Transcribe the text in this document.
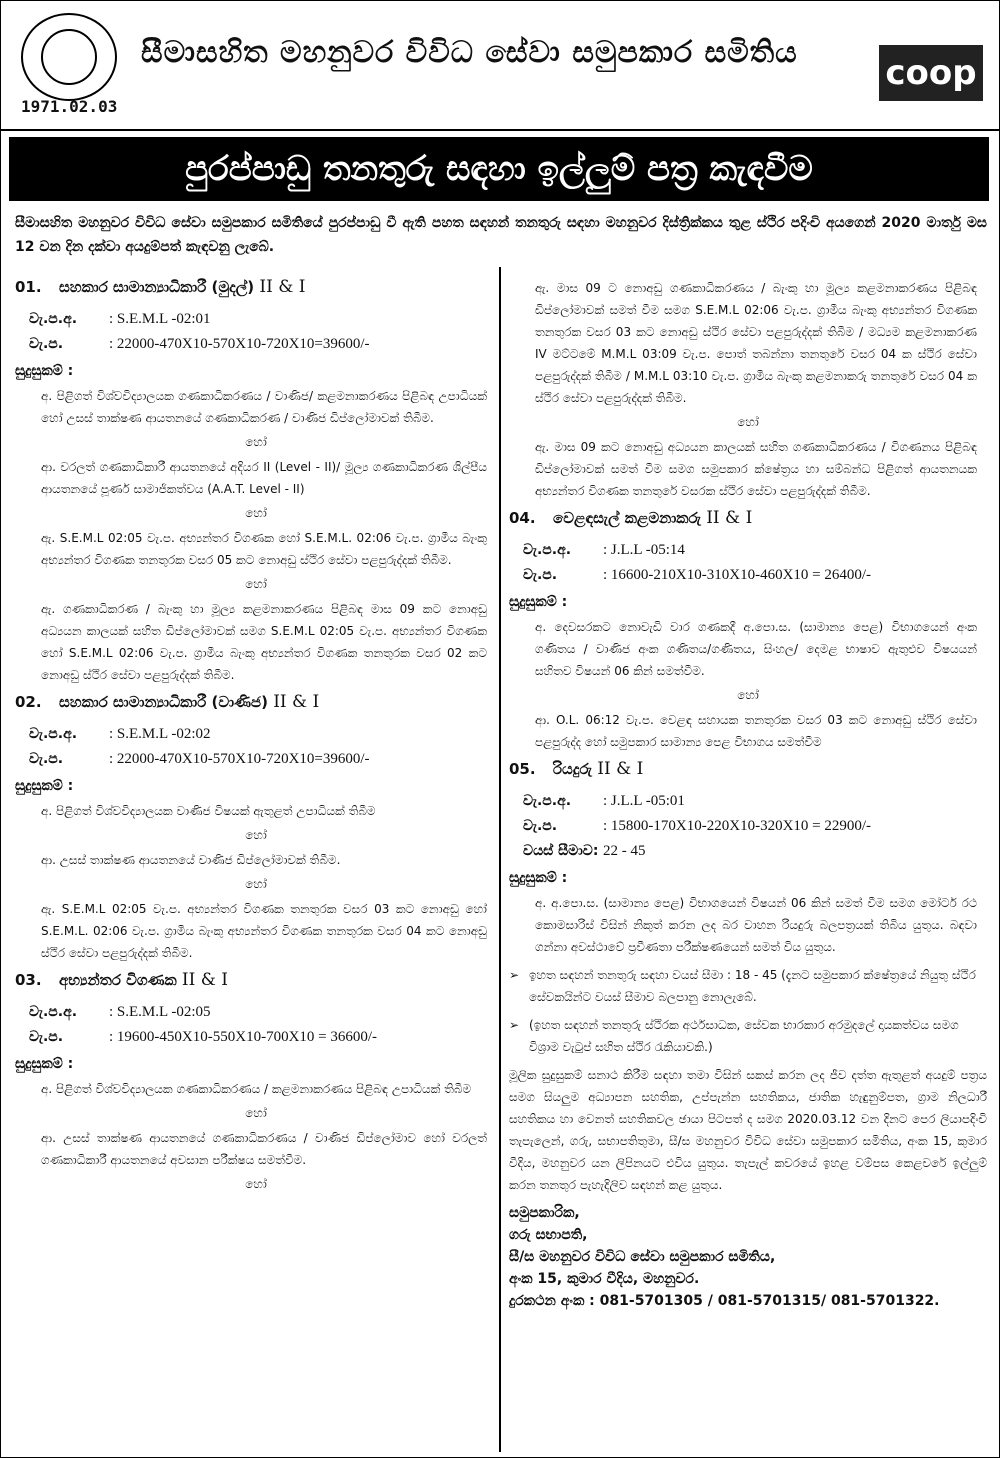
1971.02.03
සීමාසහිත මහනුවර විවිධ සේවා සමුපකාර සමිතිය
coop
පුරප්පාඩු තනතුරු සඳහා ඉල්ලුම් පත්‍ර කැඳවීම
සීමාසහිත මහනුවර විවිධ සේවා සමුපකාර සමිතියේ පුරප්පාඩු වී ඇති පහත සඳහන් තනතුරු සඳහා මහනුවර දිස්ත්‍රික්කය තුළ ස්ථිර පදිංචි අයගෙන් 2020 මාර්තු මස 12 වන දින දක්වා අයදුම්පත් කැඳවනු ලැබේ.
01. සහකාර සාමාන්‍යාධිකාරී (මුදල්) II & I
වැ.ප.අ.	: S.E.M.L -02:01
වැ.ප.	: 22000-470X10-570X10-720X10=39600/-
සුදුසුකම් :
අ. පිළිගත් විශ්වවිද්‍යාලයක ගණකාධිකරණය / වාණිජ/ කළමනාකරණය පිළිබඳ උපාධියක් හෝ උසස් තාක්ෂණ ආයතනයේ ගණකාධිකරණ / වාණිජ ඩිප්ලෝමාවක් තිබීම.
හෝ
ආ. වරලත් ගණකාධිකාරී ආයතනයේ අදියර II (Level - II)/ මූල්‍ය ගණකාධිකරණ ශිල්පීය ආයතනයේ පූර්ණ සාමාජිකත්වය (A.A.T. Level - II)
හෝ
ඇ. S.E.M.L 02:05 වැ.ප. අභ්‍යන්තර විගණක හෝ S.E.M.L. 02:06 වැ.ප. ග්‍රාමීය බැංකු අභ්‍යන්තර විගණක තනතුරක වසර 05 කට නොඅඩු ස්ථිර සේවා පළපුරුද්දක් තිබීම.
හෝ
ඇ. ගණකාධිකරණ / බැංකු හා මූල්‍ය කළමනාකරණය පිළිබඳ මාස 09 කට නොඅඩු අධ්‍යයන කාලයක් සහිත ඩිප්ලෝමාවක් සමග S.E.M.L 02:05 වැ.ප. අභ්‍යන්තර විගණක හෝ S.E.M.L 02:06 වැ.ප. ග්‍රාමීය බැංකු අභ්‍යන්තර විගණක තනතුරක වසර 02 කට නොඅඩු ස්ථිර සේවා පළපුරුද්දක් තිබීම.
02. සහකාර සාමාන්‍යාධිකාරී (වාණිජ) II & I
වැ.ප.අ.	: S.E.M.L -02:02
වැ.ප.	: 22000-470X10-570X10-720X10=39600/-
සුදුසුකම් :
අ. පිළිගත් විශ්වවිද්‍යාලයක වාණිජ විෂයක් ඇතුළත් උපාධියක් තිබීම
හෝ
ආ. උසස් තාක්ෂණ ආයතනයේ වාණිජ ඩිප්ලෝමාවක් තිබීම.
හෝ
ඇ. S.E.M.L 02:05 වැ.ප. අභ්‍යන්තර විගණක තනතුරක වසර 03 කට නොඅඩු හෝ S.E.M.L. 02:06 වැ.ප. ග්‍රාමීය බැංකු අභ්‍යන්තර විගණක තනතුරක වසර 04 කට නොඅඩු ස්ථිර සේවා පළපුරුද්දක් තිබීම.
03. අභ්‍යන්තර විගණක II & I
වැ.ප.අ.	: S.E.M.L -02:05
වැ.ප.	: 19600-450X10-550X10-700X10 = 36600/-
සුදුසුකම් :
අ. පිළිගත් විශ්වවිද්‍යාලයක ගණකාධිකරණය / කළමනාකරණය පිළිබඳ උපාධියක් තිබීම
හෝ
ආ. උසස් තාක්ෂණ ආයතනයේ ගණකාධිකරණය / වාණිජ ඩිප්ලෝමාව හෝ වරලත් ගණකාධිකාරී ආයතනයේ අවසාන පරීක්ෂය සමත්වීම.
හෝ
ඇ. මාස 09 ට නොඅඩු ගණකාධිකරණය / බැංකු හා මූල්‍ය කළමනාකරණය පිළිබඳ ඩිප්ලෝමාවක් සමත් වීම සමග S.E.M.L 02:06 වැ.ප. ග්‍රාමීය බැංකු අභ්‍යන්තර විගණක තනතුරක වසර 03 කට නොඅඩු ස්ථිර සේවා පළපුරුද්දක් තිබීම / මධ්‍යම කළමනාකරණ IV මට්ටමේ M.M.L 03:09 වැ.ප. පොත් තබන්නා තනතුරේ වසර 04 ක ස්ථිර සේවා පළපුරුද්දක් තිබීම / M.M.L 03:10 වැ.ප. ග්‍රාමීය බැංකු කළමනාකරු තනතුරේ වසර 04 ක ස්ථිර සේවා පළපුරුද්දක් තිබීම.
හෝ
ඇ. මාස 09 කට නොඅඩු අධ්‍යයන කාලයක් සහිත ගණකාධිකරණය / විගණනය පිළිබඳ ඩිප්ලෝමාවක් සමත් වීම සමග සමුපකාර ක්ෂේත්‍රය හා සම්බන්ධ පිළිගත් ආයතනයක අභ්‍යන්තර විගණක තනතුරේ වසරක ස්ථිර සේවා පළපුරුද්දක් තිබීම.
04. වෙළඳසැල් කළමනාකරු II & I
වැ.ප.අ.	: J.L.L -05:14
වැ.ප.	: 16600-210X10-310X10-460X10 = 26400/-
සුදුසුකම් :
අ. දෙවසරකට නොවැඩි වාර ගණකදී අ.පො.ස. (සාමාන්‍ය පෙළ) විභාගයෙන් අංක ගණිතය / වාණිජ අංක ගණිතය/ගණිතය, සිංහල/ දෙමළ භාෂාව ඇතුළුව විෂයයන් සහිතව විෂයන් 06 කින් සමත්වීම.
හෝ
ආ. O.L. 06:12 වැ.ප. වෙළඳ සහායක තනතුරක වසර 03 කට නොඅඩු ස්ථිර සේවා පළපුරුද්ද හෝ සමුපකාර සාමාන්‍ය පෙළ විභාගය සමත්වීම
05. රියදුරු II & I
වැ.ප.අ.	: J.L.L -05:01
වැ.ප.	: 15800-170X10-220X10-320X10 = 22900/-
වයස් සීමාව: 22 - 45
සුදුසුකම් :
අ. අ.පො.ස. (සාමාන්‍ය පෙළ) විභාගයෙන් විෂයන් 06 කින් සමත් වීම සමග මෝටර් රථ කොමසාරිස් විසින් නිකුත් කරන ලද බර වාහන රියදුරු බලපත්‍රයක් තිබිය යුතුය. බඳවා ගන්නා අවස්ථාවේ ප්‍රවීණතා පරීක්ෂණයෙන් සමත් විය යුතුය.
➢ ඉහත සඳහන් තනතුරු සඳහා වයස් සීමා : 18 - 45 (දැනට සමුපකාර ක්ෂේත්‍රයේ නියුතු ස්ථිර සේවකයින්ට වයස් සීමාව බලපානු නොලැබේ.
➢ (ඉහත සඳහන් තනතුරු ස්ථිරක අර්ථසාධක, සේවක භාරකාර අරමුදලේ දායකත්වය සමග විශ්‍රාම වැටුප් සහිත ස්ථිර රැකියාවකි.)
මූලික සුදුසුකම් සනාථ කිරීම සඳහා තමා විසින් සකස් කරන ලද ජීව දත්ත ඇතුළත් අයදුම් පත්‍රය සමග සියලුම අධ්‍යාපන සහතික, උප්පැන්න සහතිකය, ජාතික හැඳුනුම්පත, ග්‍රාම නිලධාරී සහතිකය හා වෙනත් සහතිකවල ඡායා පිටපත් ද සමග 2020.03.12 වන දිනට පෙර ලියාපදිංචි තැපැලෙන්, ගරු, සභාපතිතුමා, සී/ස මහනුවර විවිධ සේවා සමුපකාර සමිතිය, අංක 15, කුමාර වීදිය, මහනුවර යන ලිපිනයට එවිය යුතුය. තැපැල් කවරයේ ඉහළ වම්පස කෙළවරේ ඉල්ලුම් කරන තනතුර පැහැදිලිව සඳහන් කළ යුතුය.
සමුපකාරික,
ගරු සභාපති,
සී/ස මහනුවර විවිධ සේවා සමුපකාර සමිතිය,
අංක 15, කුමාර වීදිය, මහනුවර.
දුරකථන අංක : 081-5701305 / 081-5701315/ 081-5701322.
